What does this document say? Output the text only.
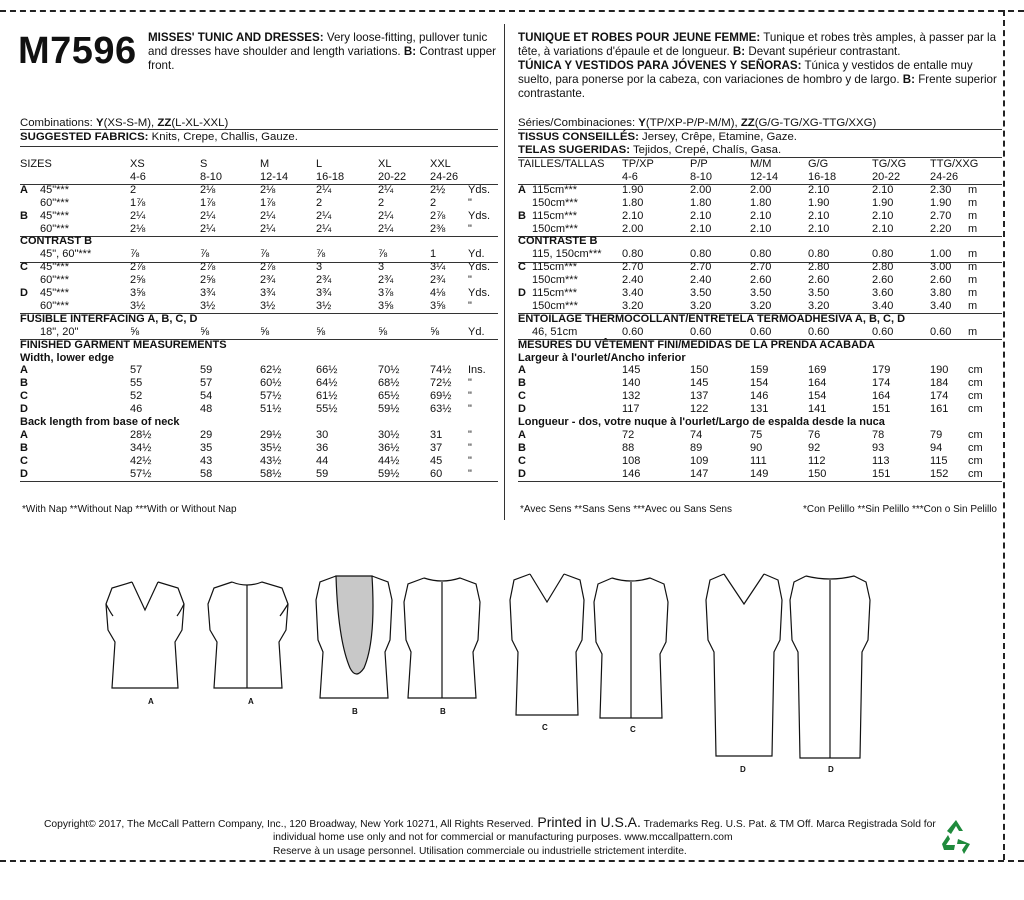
M7596 MISSES' TUNIC AND DRESSES: Very loose-fitting, pullover tunic and dresses have shoulder and length variations. B: Contrast upper front.
TUNIQUE ET ROBES POUR JEUNE FEMME: Tunique et robes très amples, à passer par la tête, à variations d'épaule et de longueur. B: Devant supérieur contrastant.
TÚNICA Y VESTIDOS PARA JÓVENES Y SEÑORAS: Túnica y vestidos de entalle muy suelto, para ponerse por la cabeza, con variaciones de hombro y de largo. B: Frente superior contrastante.
Combinations: Y(XS-S-M), ZZ(L-XL-XXL)
SUGGESTED FABRICS: Knits, Crepe, Challis, Gauze.
Séries/Combinaciones: Y(TP/XP-P/P-M/M), ZZ(G/G-TG/XG-TTG/XXG)
TISSUS CONSEILLÉS: Jersey, Crêpe, Etamine, Gaze.
TELAS SUGERIDAS: Tejidos, Crepé, Chalís, Gasa.
SIZES	XS	S	M	L	XL	XXL
4-6	8-10	12-14	16-18	20-22 24-26
A 45"***	2	2⅛	2⅛	2¼	2¼	2½ Yds.
60"***	1⅞	1⅞	1⅞	2	2	2	"
B 45"***	2¼	2¼	2¼	2¼	2¼	2⅞ Yds.
60"***	2⅛	2¼	2¼	2¼	2¼	2⅜ "
CONTRAST B
45", 60"***	⅞	⅞	⅞	⅞	⅞	1	Yd.
C 45"***	2⅞	2⅞	2⅞	3	3	3¼ Yds.
60"***	2⅝	2⅝	2¾	2¾	2¾	2¾ "
D 45"***	3⅝	3¾	3¾	3¾	3⅞	4⅛ Yds.
60"***	3½	3½	3½	3½	3⅝	3⅝ "
FUSIBLE INTERFACING A, B, C, D
18", 20"	⅝	⅝	⅝	⅝	⅝	⅝	Yd.
FINISHED GARMENT MEASUREMENTS
Width, lower edge
A	57	59	62½	66½	70½	74½ Ins.
B	55	57	60½	64½	68½	72½ "
C	52	54	57½	61½	65½	69½ "
D	46	48	51½	55½	59½	63½ "
Back length from base of neck
A	28½	29	29½	30	30½	31 "
B	34½	35	35½	36	36½	37 "
C	42½	43	43½	44	44½	45 "
D	57½	58	58½	59	59½	60 "
TAILLES/TALLAS TP/XP	P/P	M/M	G/G	TG/XG TTG/XXG
4-6	8-10	12-14	16-18	20-22	24-26
A 115cm***	1.90	2.00	2.00	2.10	2.10	2.30 m
150cm***	1.80	1.80	1.80	1.90	1.90	1.90 m
B 115cm***	2.10	2.10	2.10	2.10	2.10	2.70 m
150cm***	2.00	2.10	2.10	2.10	2.10	2.20 m
CONTRASTE B
115, 150cm*** 0.80	0.80	0.80	0.80	0.80	1.00 m
C 115cm***	2.70	2.70	2.70	2.80	2.80	3.00 m
150cm***	2.40	2.40	2.60	2.60	2.60	2.60 m
D 115cm***	3.40	3.50	3.50	3.50	3.60	3.80 m
150cm***	3.20	3.20	3.20	3.20	3.40	3.40 m
ENTOILAGE THERMOCOLLANT/ENTRETELA TERMOADHESIVA A, B, C, D
46, 51cm	0.60	0.60	0.60	0.60	0.60	0.60 m
MESURES DU VÊTEMENT FINI/MEDIDAS DE LA PRENDA ACABADA
Largeur à l'ourlet/Ancho inferior
A	145	150	159	169	179	190 cm
B	140	145	154	164	174	184 cm
C	132	137	146	154	164	174 cm
D	117	122	131	141	151	161 cm
Longueur - dos, votre nuque à l'ourlet/Largo de espalda desde la nuca
A	72	74	75	76	78	79 cm
B	88	89	90	92	93	94 cm
C	108	109	111	112	113	115 cm
D	146	147	149	150	151	152 cm
*With Nap **Without Nap ***With or Without Nap	*Avec Sens **Sans Sens ***Avec ou Sans Sens	*Con Pelillo **Sin Pelillo ***Con o Sin Pelillo
A	A
B	B
C	C
D	D
Copyright© 2017, The McCall Pattern Company, Inc., 120 Broadway, New York 10271, All Rights Reserved. Printed in U.S.A. Trademarks Reg. U.S. Pat. & TM Off. Marca Registrada Sold for
individual home use only and not for commercial or manufacturing purposes. www.mccallpattern.com
Reserve à un usage personnel. Utilisation commerciale ou industrielle strictement interdite.
